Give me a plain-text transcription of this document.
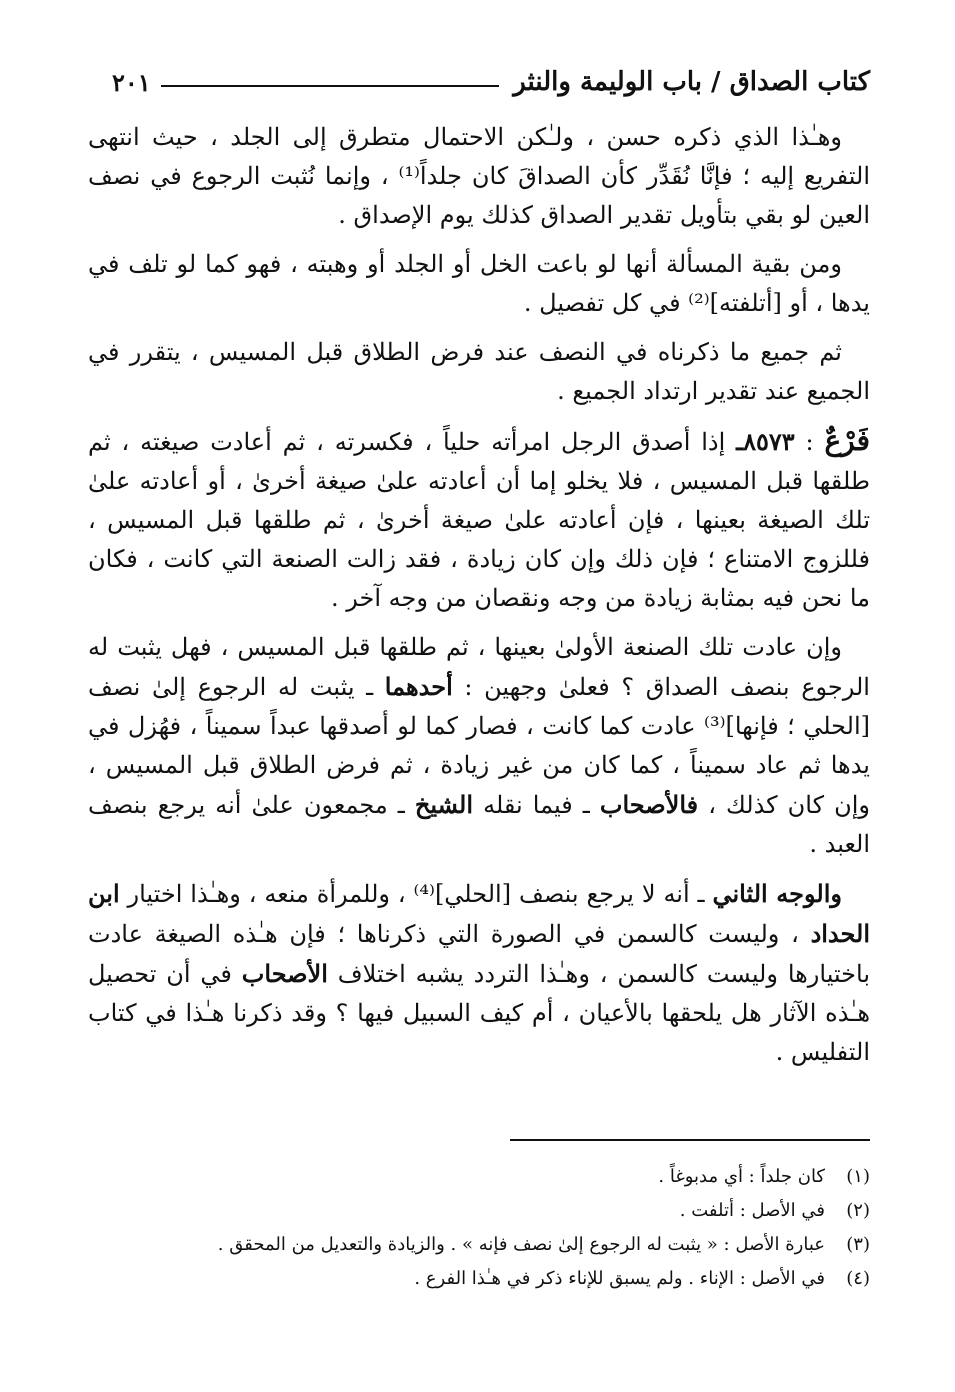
كتاب الصداق / باب الوليمة والنثر
٢٠١

وهـٰذا الذي ذكره حسن ، ولـٰكن الاحتمال متطرق إلى الجلد ، حيث انتهى التفريع إليه ؛ فإنَّا نُقَدِّر كأن الصداقَ كان جلداً⁽¹⁾ ، وإنما نُثبت الرجوع في نصف العين لو بقي بتأويل تقدير الصداق كذلك يوم الإصداق .

ومن بقية المسألة أنها لو باعت الخل أو الجلد أو وهبته ، فهو كما لو تلف في يدها ، أو [أتلفته]⁽²⁾ في كل تفصيل .

ثم جميع ما ذكرناه في النصف عند فرض الطلاق قبل المسيس ، يتقرر في الجميع عند تقدير ارتداد الجميع .

فَرْعٌ : ٨٥٧٣ـ إذا أصدق الرجل امرأته حلياً ، فكسرته ، ثم أعادت صيغته ، ثم طلقها قبل المسيس ، فلا يخلو إما أن أعادته علىٰ صيغة أخرىٰ ، أو أعادته علىٰ تلك الصيغة بعينها ، فإن أعادته علىٰ صيغة أخرىٰ ، ثم طلقها قبل المسيس ، فللزوج الامتناع ؛ فإن ذلك وإن كان زيادة ، فقد زالت الصنعة التي كانت ، فكان ما نحن فيه بمثابة زيادة من وجه ونقصان من وجه آخر .

وإن عادت تلك الصنعة الأولىٰ بعينها ، ثم طلقها قبل المسيس ، فهل يثبت له الرجوع بنصف الصداق ؟ فعلىٰ وجهين : أحدهما ـ يثبت له الرجوع إلىٰ نصف [الحلي ؛ فإنها]⁽³⁾ عادت كما كانت ، فصار كما لو أصدقها عبداً سميناً ، فهُزل في يدها ثم عاد سميناً ، كما كان من غير زيادة ، ثم فرض الطلاق قبل المسيس ، وإن كان كذلك ، فالأصحاب ـ فيما نقله الشيخ ـ مجمعون علىٰ أنه يرجع بنصف العبد .

والوجه الثاني ـ أنه لا يرجع بنصف [الحلي]⁽⁴⁾ ، وللمرأة منعه ، وهـٰذا اختيار ابن الحداد ، وليست كالسمن في الصورة التي ذكرناها ؛ فإن هـٰذه الصيغة عادت باختيارها وليست كالسمن ، وهـٰذا التردد يشبه اختلاف الأصحاب في أن تحصيل هـٰذه الآثار هل يلحقها بالأعيان ، أم كيف السبيل فيها ؟ وقد ذكرنا هـٰذا في كتاب التفليس .

(١)
كان جلداً : أي مدبوغاً .
(٢)
في الأصل : أتلفت .
(٣)
عبارة الأصل : « يثبت له الرجوع إلىٰ نصف فإنه » . والزيادة والتعديل من المحقق .
(٤)
في الأصل : الإناء . ولم يسبق للإناء ذكر في هـٰذا الفرع .
